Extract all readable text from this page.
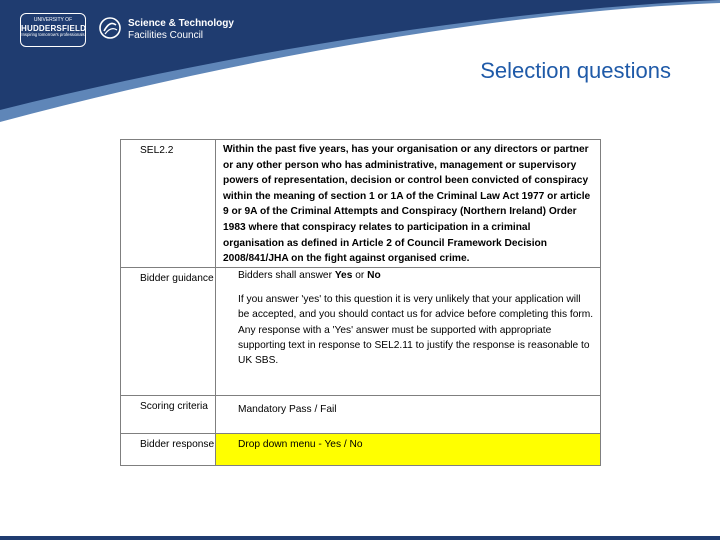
UNIVERSITY OF
HUDDERSFIELD
Inspiring tomorrow's professionals
Science & Technology
Facilities Council
Selection questions
SEL2.2	Within the past five years, has your organisation or any directors or partner or any other person who has administrative, management or supervisory powers of representation, decision or control been convicted of conspiracy within the meaning of section 1 or 1A of the Criminal Law Act 1977 or article 9 or 9A of the Criminal Attempts and Conspiracy (Northern Ireland) Order 1983 where that conspiracy relates to participation in a criminal organisation as defined in Article 2 of Council Framework Decision 2008/841/JHA on the fight against organised crime.
Bidder guidance	Bidders shall answer Yes or No
If you answer 'yes' to this question it is very unlikely that your application will be accepted, and you should contact us for advice before completing this form. Any response with a 'Yes' answer must be supported with appropriate supporting text in response to SEL2.11 to justify the response is reasonable to UK SBS.

Scoring criteria	Mandatory Pass / Fail
Bidder response	Drop down menu - Yes / No
